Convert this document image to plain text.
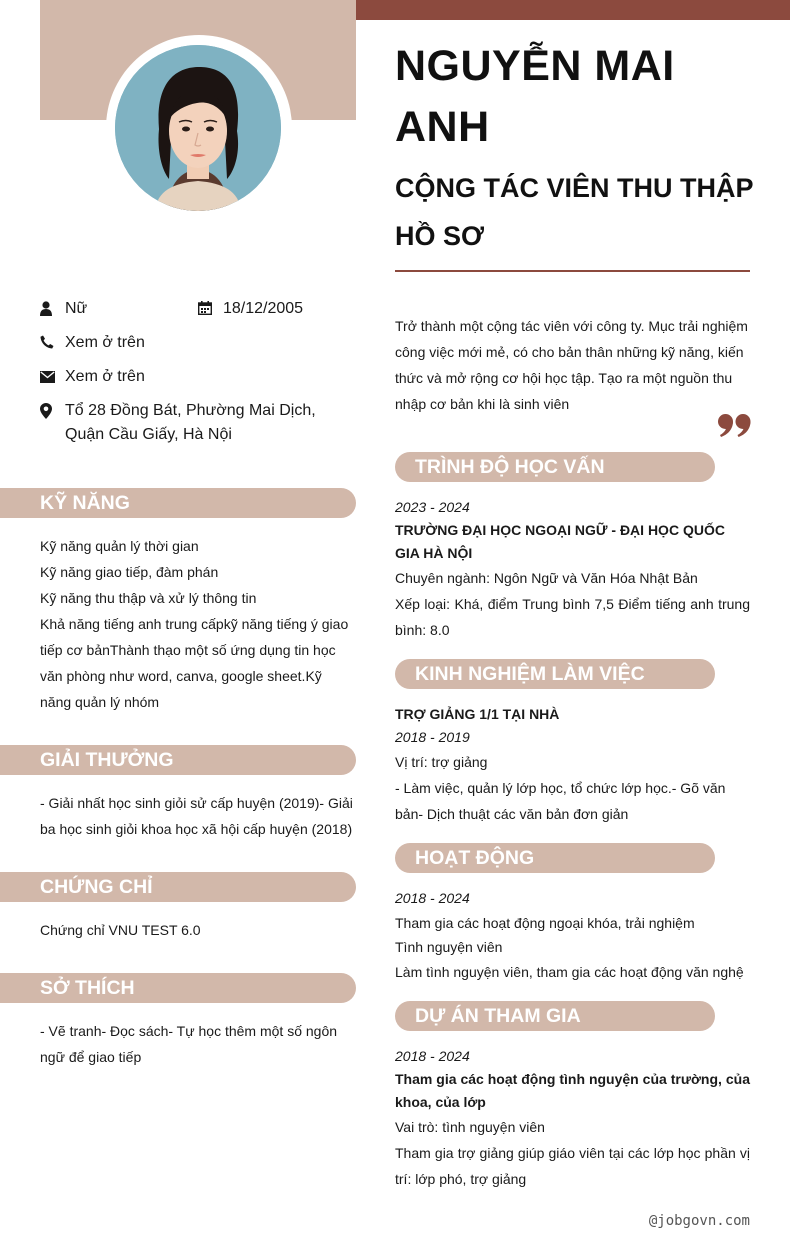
NGUYỄN MAI ANH
CỘNG TÁC VIÊN THU THẬP HỒ SƠ
Nữ	18/12/2005
Xem ở trên
Xem ở trên
Tổ 28 Đồng Bát, Phường Mai Dịch, Quận Cầu Giấy, Hà Nội
KỸ NĂNG
Kỹ năng quản lý thời gian
Kỹ năng giao tiếp, đàm phán
Kỹ năng thu thập và xử lý thông tin
Khả năng tiếng anh trung cấpkỹ năng tiếng ý giao tiếp cơ bảnThành thạo một số ứng dụng tin học văn phòng như word, canva, google sheet.Kỹ năng quản lý nhóm
GIẢI THƯỞNG
- Giải nhất học sinh giỏi sử cấp huyện (2019)- Giải ba học sinh giỏi khoa học xã hội cấp huyện (2018)
CHỨNG CHỈ
Chứng chỉ VNU TEST 6.0
SỞ THÍCH
- Vẽ tranh- Đọc sách- Tự học thêm một số ngôn ngữ để giao tiếp
Trở thành một cộng tác viên với công ty. Mục trải nghiệm công việc mới mẻ, có cho bản thân những kỹ năng, kiến thức và mở rộng cơ hội học tập. Tạo ra một nguồn thu nhập cơ bản khi là sinh viên
TRÌNH ĐỘ HỌC VẤN
2023 - 2024
TRƯỜNG ĐẠI HỌC NGOẠI NGỮ - ĐẠI HỌC QUỐC GIA HÀ NỘI
Chuyên ngành: Ngôn Ngữ và Văn Hóa Nhật Bản
Xếp loại: Khá, điểm Trung bình 7,5 Điểm tiếng anh trung bình: 8.0
KINH NGHIỆM LÀM VIỆC
TRỢ GIẢNG 1/1 TẠI NHÀ
2018 - 2019
Vị trí: trợ giảng
- Làm việc, quản lý lớp học, tổ chức lớp học.- Gõ văn bản- Dịch thuật các văn bản đơn giản
HOẠT ĐỘNG
2018 - 2024
Tham gia các hoạt động ngoại khóa, trải nghiệm
Tình nguyện viên
Làm tình nguyện viên, tham gia các hoạt động văn nghệ
DỰ ÁN THAM GIA
2018 - 2024
Tham gia các hoạt động tình nguyện của trường, của khoa, của lớp
Vai trò: tình nguyện viên
Tham gia trợ giảng giúp giáo viên tại các lớp học phần vị trí: lớp phó, trợ giảng
@jobgovn.com
